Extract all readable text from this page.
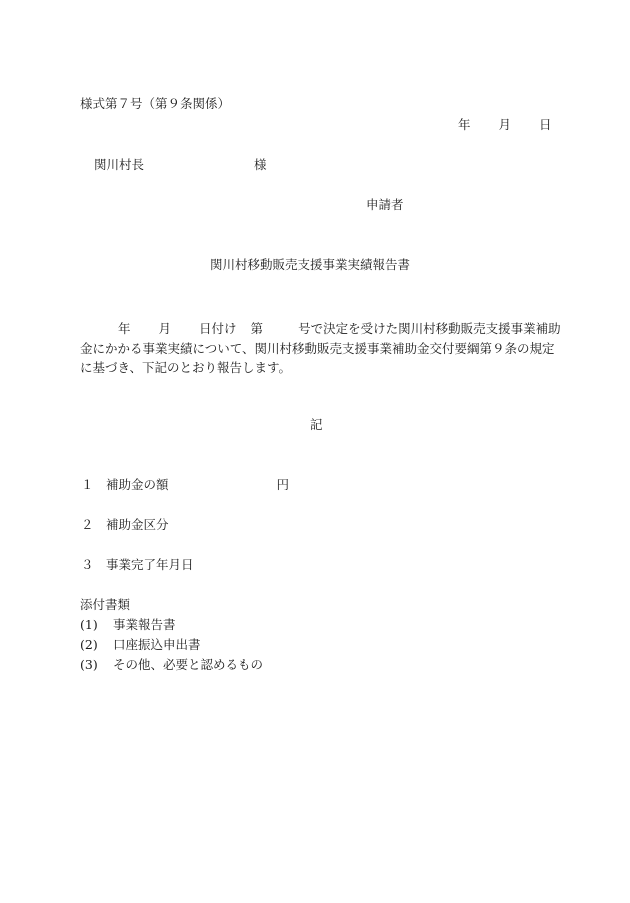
様式第７号（第９条関係）
年 月 日
関川村長	様
申請者
関川村移動販売支援事業実績報告書
年 月 日付け 第	号で決定を受けた関川村移動販売支援事業補助金にかかる事業実績について、関川村移動販売支援事業補助金交付要綱第９条の規定に基づき、下記のとおり報告します。
記
１ 補助金の額	円
２ 補助金区分
３ 事業完了年月日
添付書類
(1) 事業報告書
(2) 口座振込申出書
(3) その他、必要と認めるもの
